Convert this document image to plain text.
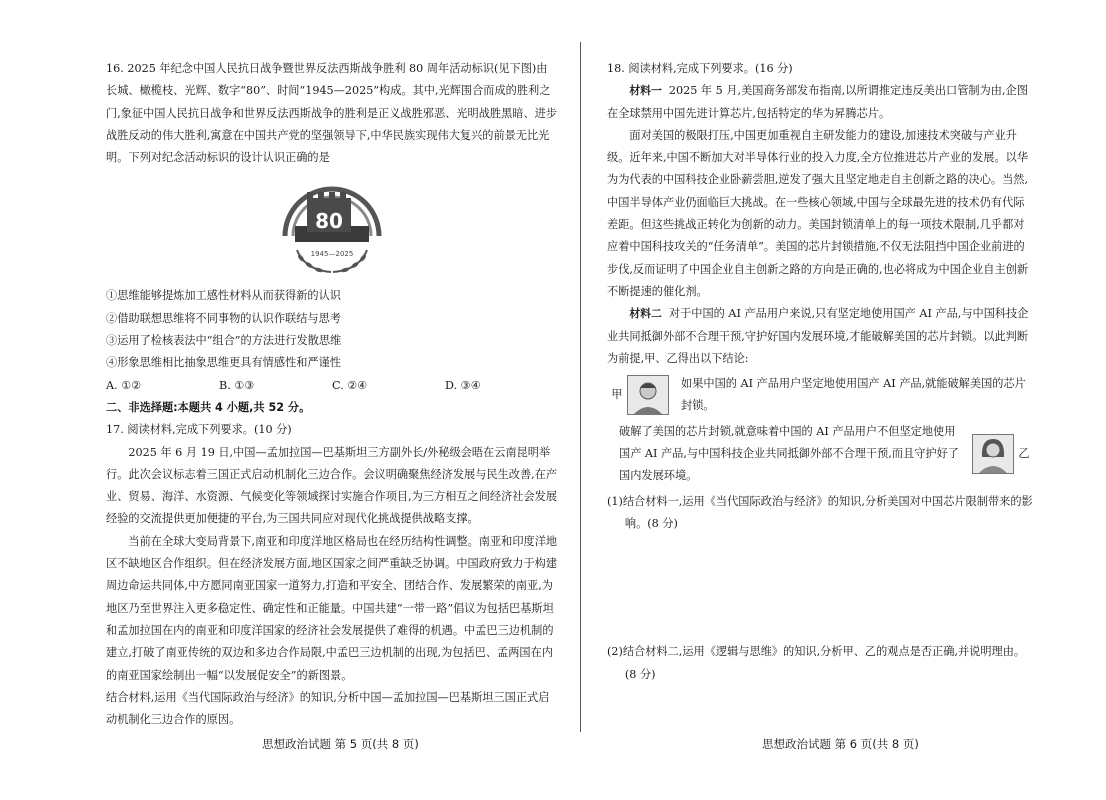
16. 2025 年纪念中国人民抗日战争暨世界反法西斯战争胜利 80 周年活动标识(见下图)由长城、橄榄枝、光辉、数字“80”、时间“1945—2025”构成。其中,光辉围合而成的胜利之门,象征中国人民抗日战争和世界反法西斯战争的胜利是正义战胜邪恶、光明战胜黑暗、进步战胜反动的伟大胜利,寓意在中国共产党的坚强领导下,中华民族实现伟大复兴的前景无比光明。下列对纪念活动标识的设计认识正确的是

80
1945—2025

①思维能够提炼加工感性材料从而获得新的认识

②借助联想思维将不同事物的认识作联结与思考

③运用了检核表法中“组合”的方法进行发散思维

④形象思维相比抽象思维更具有情感性和严谨性

A. ①②	B. ①③	C. ②④	D. ③④

二、非选择题:本题共 4 小题,共 52 分。

17. 阅读材料,完成下列要求。(10 分)

2025 年 6 月 19 日,中国—孟加拉国—巴基斯坦三方副外长/外秘级会晤在云南昆明举行。此次会议标志着三国正式启动机制化三边合作。会议明确聚焦经济发展与民生改善,在产业、贸易、海洋、水资源、气候变化等领域探讨实施合作项目,为三方相互之间经济社会发展经验的交流提供更加便捷的平台,为三国共同应对现代化挑战提供战略支撑。

当前在全球大变局背景下,南亚和印度洋地区格局也在经历结构性调整。南亚和印度洋地区不缺地区合作组织。但在经济发展方面,地区国家之间严重缺乏协调。中国政府致力于构建周边命运共同体,中方愿同南亚国家一道努力,打造和平安全、团结合作、发展繁荣的南亚,为地区乃至世界注入更多稳定性、确定性和正能量。中国共建“一带一路”倡议为包括巴基斯坦和孟加拉国在内的南亚和印度洋国家的经济社会发展提供了难得的机遇。中孟巴三边机制的建立,打破了南亚传统的双边和多边合作局限,中孟巴三边机制的出现,为包括巴、孟两国在内的南亚国家绘制出一幅“以发展促安全”的新图景。

结合材料,运用《当代国际政治与经济》的知识,分析中国—孟加拉国—巴基斯坦三国正式启动机制化三边合作的原因。

18. 阅读材料,完成下列要求。(16 分)

材料一 2025 年 5 月,美国商务部发布指南,以所谓推定违反美出口管制为由,企图在全球禁用中国先进计算芯片,包括特定的华为昇腾芯片。

面对美国的极限打压,中国更加重视自主研发能力的建设,加速技术突破与产业升级。近年来,中国不断加大对半导体行业的投入力度,全方位推进芯片产业的发展。以华为为代表的中国科技企业卧薪尝胆,逆发了强大且坚定地走自主创新之路的决心。当然,中国半导体产业仍面临巨大挑战。在一些核心领域,中国与全球最先进的技术仍有代际差距。但这些挑战正转化为创新的动力。美国封锁清单上的每一项技术限制,几乎都对应着中国科技攻关的“任务清单”。美国的芯片封锁措施,不仅无法阻挡中国企业前进的步伐,反而证明了中国企业自主创新之路的方向是正确的,也必将成为中国企业自主创新不断提速的催化剂。

材料二 对于中国的 AI 产品用户来说,只有坚定地使用国产 AI 产品,与中国科技企业共同抵御外部不合理干预,守护好国内发展环境,才能破解美国的芯片封锁。以此判断为前提,甲、乙得出以下结论:

甲
如果中国的 AI 产品用户坚定地使用国产 AI 产品,就能破解美国的芯片封锁。
破解了美国的芯片封锁,就意味着中国的 AI 产品用户不但坚定地使用国产 AI 产品,与中国科技企业共同抵御外部不合理干预,而且守护好了国内发展环境。
乙

(1)结合材料一,运用《当代国际政治与经济》的知识,分析美国对中国芯片限制带来的影响。(8 分)

(2)结合材料二,运用《逻辑与思维》的知识,分析甲、乙的观点是否正确,并说明理由。(8 分)

思想政治试题 第 5 页(共 8 页)	思想政治试题 第 6 页(共 8 页)
